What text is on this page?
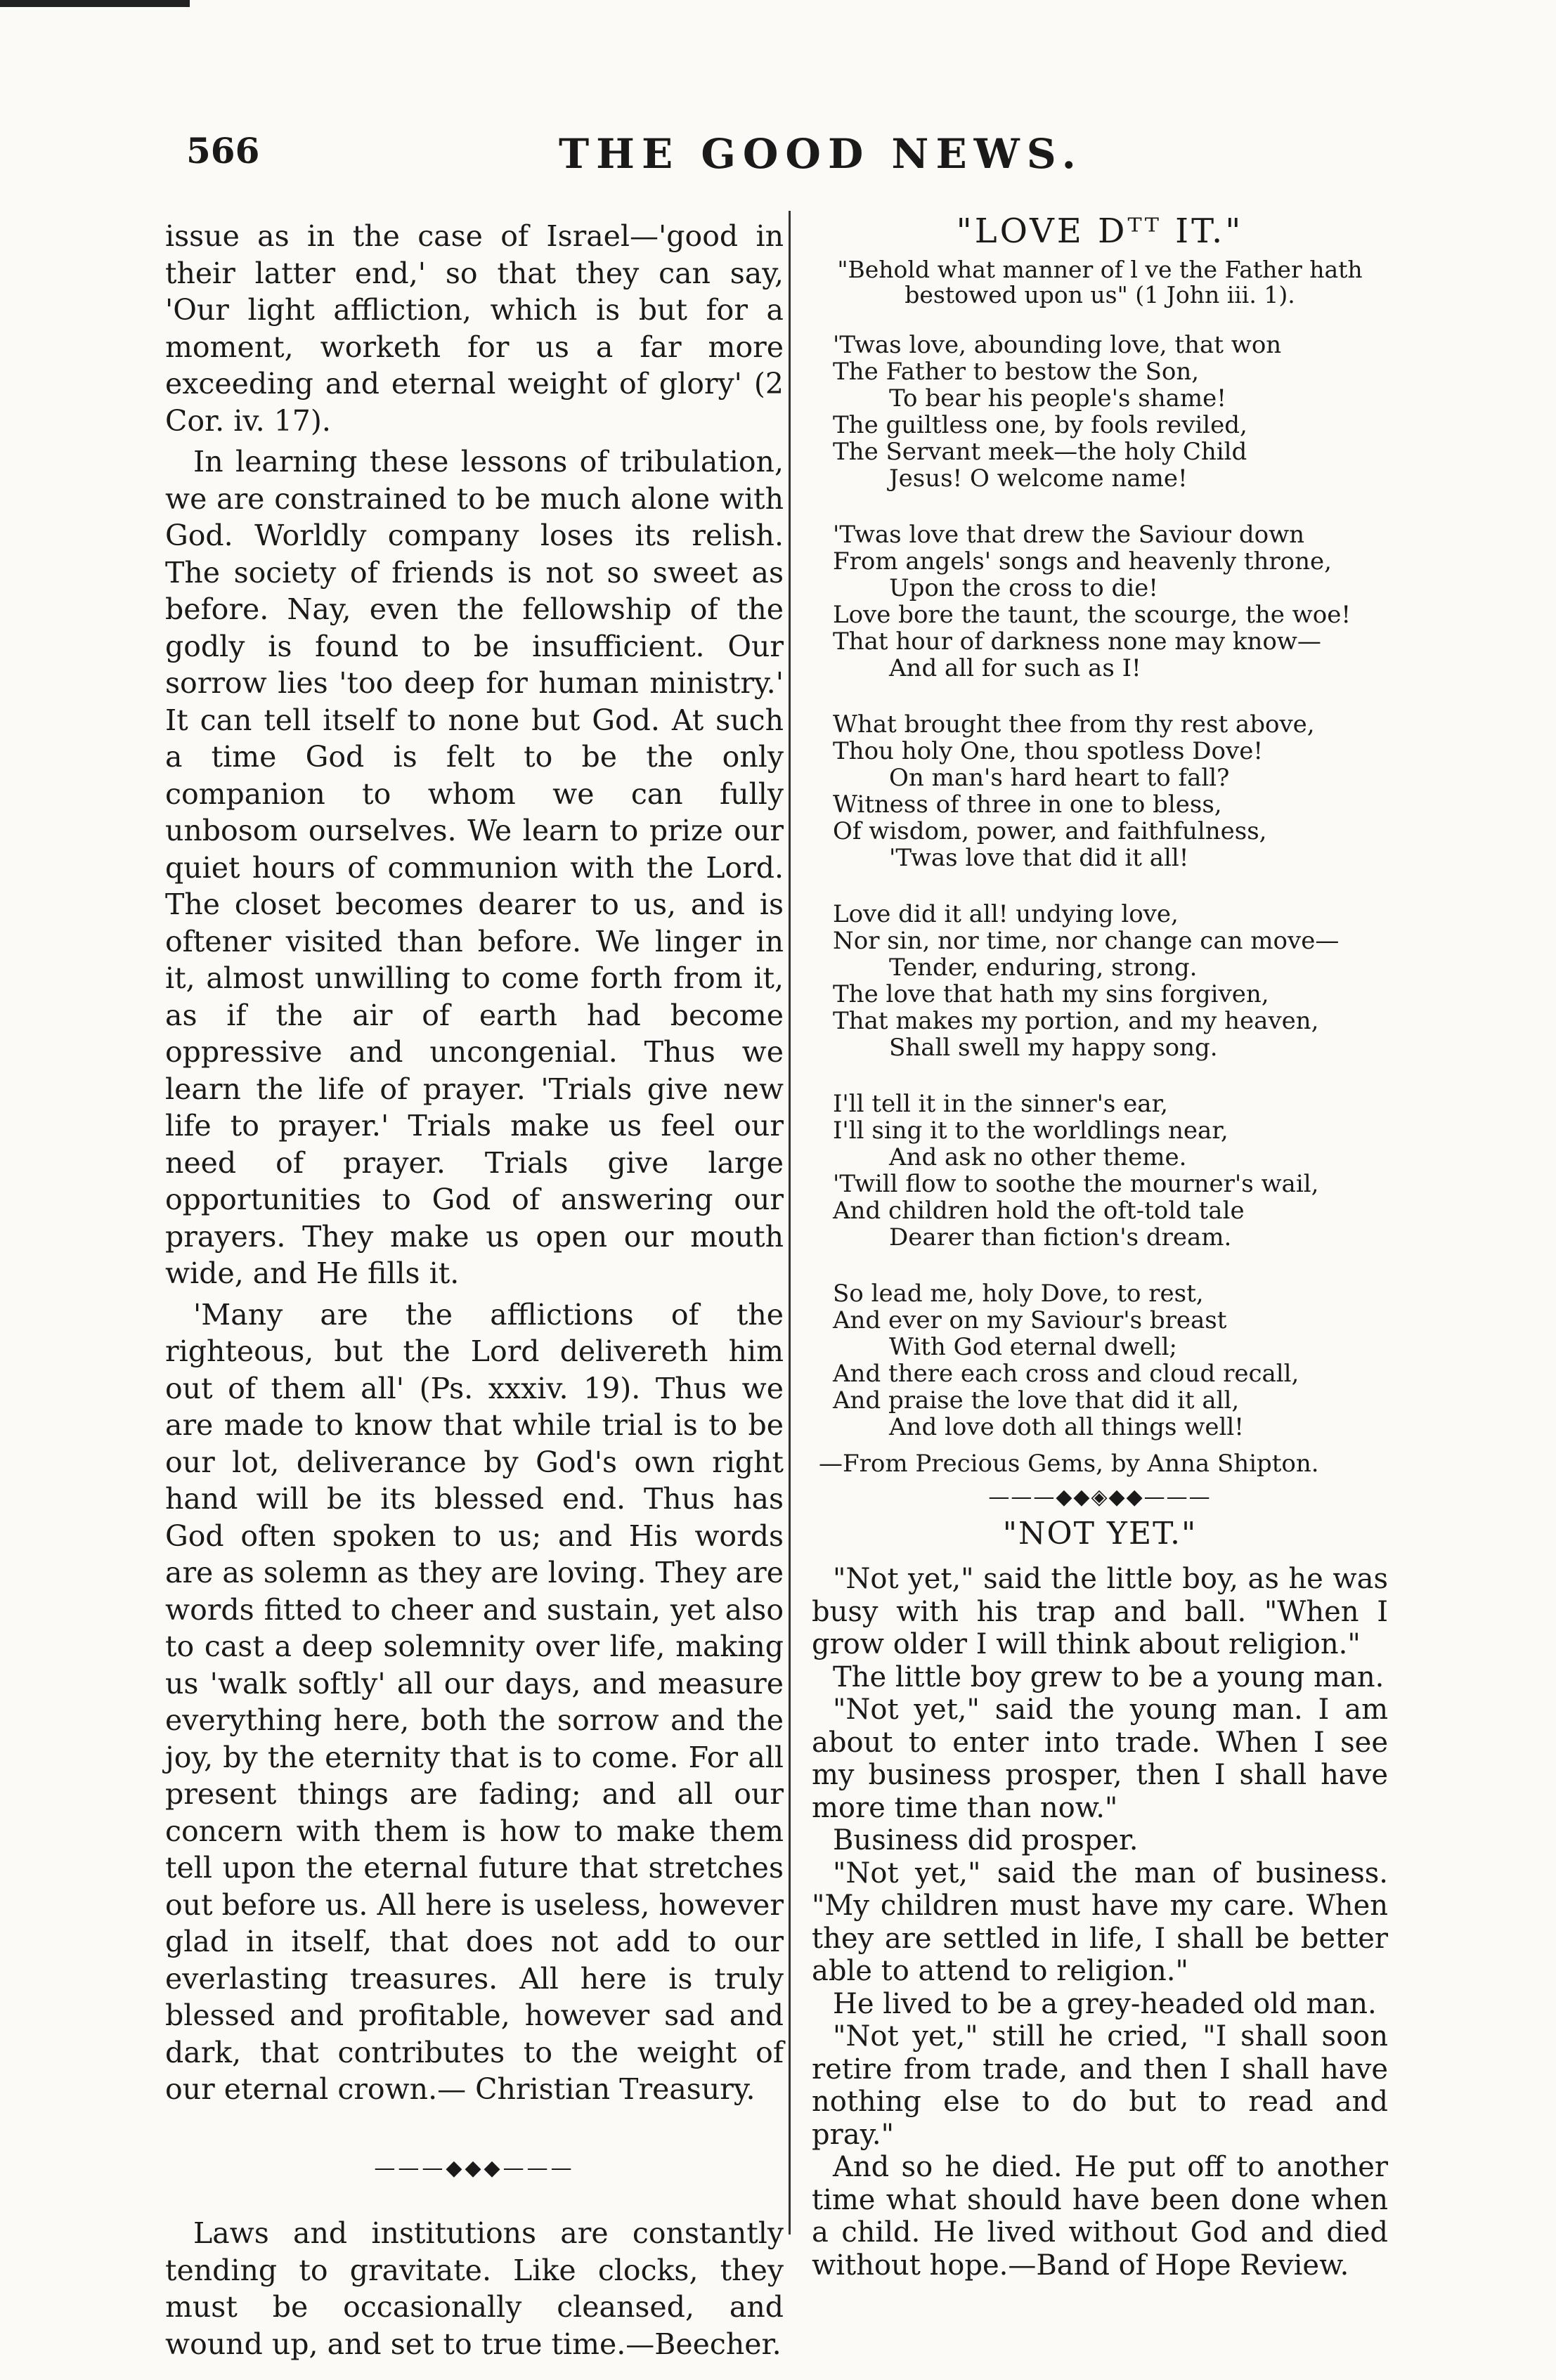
566	THE GOOD NEWS.

issue as in the case of Israel—'good in their latter end,' so that they can say, 'Our light affliction, which is but for a moment, worketh for us a far more exceeding and eternal weight of glory' (2 Cor. iv. 17).

In learning these lessons of tribulation, we are constrained to be much alone with God. Worldly company loses its relish. The society of friends is not so sweet as before. Nay, even the fellowship of the godly is found to be insufficient. Our sorrow lies 'too deep for human ministry.' It can tell itself to none but God. At such a time God is felt to be the only companion to whom we can fully unbosom ourselves. We learn to prize our quiet hours of communion with the Lord. The closet becomes dearer to us, and is oftener visited than before. We linger in it, almost unwilling to come forth from it, as if the air of earth had become oppressive and uncongenial. Thus we learn the life of prayer. 'Trials give new life to prayer.' Trials make us feel our need of prayer. Trials give large opportunities to God of answering our prayers. They make us open our mouth wide, and He fills it.

'Many are the afflictions of the righteous, but the Lord delivereth him out of them all' (Ps. xxxiv. 19). Thus we are made to know that while trial is to be our lot, deliverance by God's own right hand will be its blessed end. Thus has God often spoken to us; and His words are as solemn as they are loving. They are words fitted to cheer and sustain, yet also to cast a deep solemnity over life, making us 'walk softly' all our days, and measure everything here, both the sorrow and the joy, by the eternity that is to come. For all present things are fading; and all our concern with them is how to make them tell upon the eternal future that stretches out before us. All here is useless, however glad in itself, that does not add to our everlasting treasures. All here is truly blessed and profitable, however sad and dark, that contributes to the weight of our eternal crown.— Christian Treasury.

———◆◆◆———

Laws and institutions are constantly tending to gravitate. Like clocks, they must be occasionally cleansed, and wound up, and set to true time.—Beecher.

"LOVE Dᵀᵀ IT."
"Behold what manner of l ve the Father hath bestowed upon us" (1 John iii. 1).
'Twas love, abounding love, that won
The Father to bestow the Son,
To bear his people's shame!
The guiltless one, by fools reviled,
The Servant meek—the holy Child
Jesus! O welcome name!
'Twas love that drew the Saviour down
From angels' songs and heavenly throne,
Upon the cross to die!
Love bore the taunt, the scourge, the woe!
That hour of darkness none may know—
And all for such as I!
What brought thee from thy rest above,
Thou holy One, thou spotless Dove!
On man's hard heart to fall?
Witness of three in one to bless,
Of wisdom, power, and faithfulness,
'Twas love that did it all!
Love did it all! undying love,
Nor sin, nor time, nor change can move—
Tender, enduring, strong.
The love that hath my sins forgiven,
That makes my portion, and my heaven,
Shall swell my happy song.
I'll tell it in the sinner's ear,
I'll sing it to the worldlings near,
And ask no other theme.
'Twill flow to soothe the mourner's wail,
And children hold the oft-told tale
Dearer than fiction's dream.
So lead me, holy Dove, to rest,
And ever on my Saviour's breast
With God eternal dwell;
And there each cross and cloud recall,
And praise the love that did it all,
And love doth all things well!
—From Precious Gems, by Anna Shipton.
———◆◆◈◆◆———
"NOT YET."

"Not yet," said the little boy, as he was busy with his trap and ball. "When I grow older I will think about religion."

The little boy grew to be a young man.

"Not yet," said the young man. I am about to enter into trade. When I see my business prosper, then I shall have more time than now."

Business did prosper.

"Not yet," said the man of business. "My children must have my care. When they are settled in life, I shall be better able to attend to religion."

He lived to be a grey-headed old man.

"Not yet," still he cried, "I shall soon retire from trade, and then I shall have nothing else to do but to read and pray."

And so he died. He put off to another time what should have been done when a child. He lived without God and died without hope.—Band of Hope Review.
